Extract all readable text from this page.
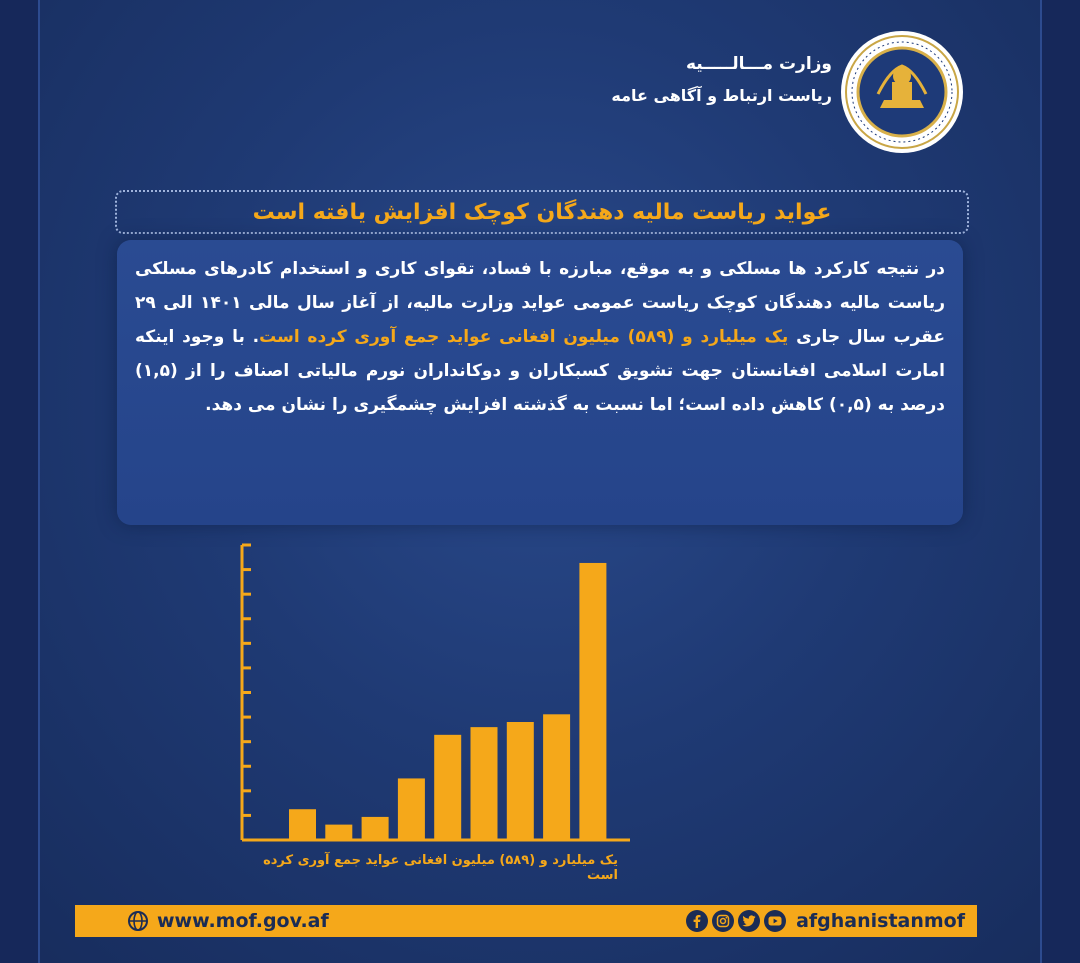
وزارت مـــالـــــيه
ریاست ارتباط و آگاهی عامه
عواید ریاست مالیه دهندگان کوچک افزایش یافته است
در نتیجه کارکرد ها مسلکی و به موقع، مبارزه با فساد، تقوای کاری و استخدام کادرهای مسلکی ریاست مالیه دهندگان کوچک ریاست عمومی عواید وزارت مالیه، از آغاز سال مالی ۱۴۰۱ الی ۲۹ عقرب سال جاری یک میلیارد و (۵۸۹) میلیون افغانی عواید جمع آوری کرده است. با وجود اینکه امارت اسلامی افغانستان جهت تشویق کسبکاران و دوکانداران نورم مالیاتی اصناف را از (۱,۵) درصد به (۰,۵) کاهش داده است؛ اما نسبت به گذشته افزایش چشمگیری را نشان می دهد.
یک میلیارد و (۵۸۹) میلیون افغانی عواید جمع آوری کرده است
www.mof.gov.af	afghanistanmof
